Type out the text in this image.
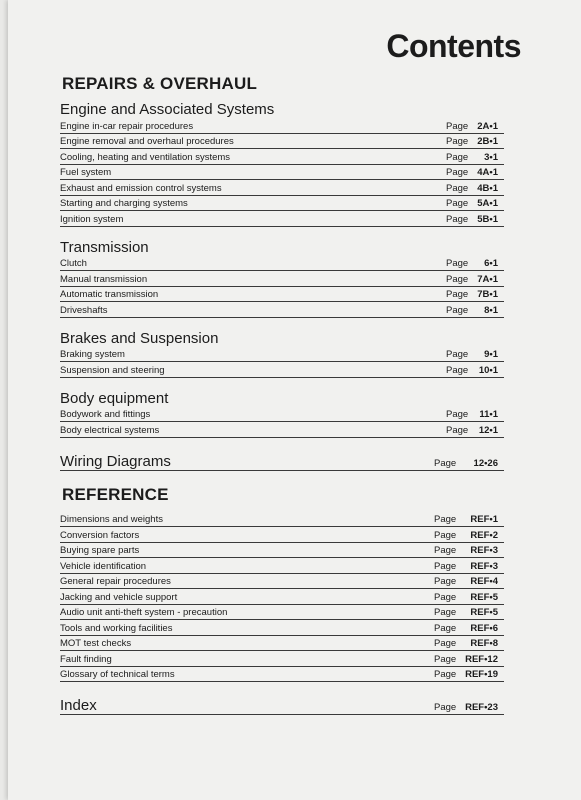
Contents
REPAIRS & OVERHAUL
Engine and Associated Systems
Engine in-car repair procedures	Page 2A•1
Engine removal and overhaul procedures	Page 2B•1
Cooling, heating and ventilation systems	Page 3•1
Fuel system	Page 4A•1
Exhaust and emission control systems	Page 4B•1
Starting and charging systems	Page 5A•1
Ignition system	Page 5B•1
Transmission
Clutch	Page 6•1
Manual transmission	Page 7A•1
Automatic transmission	Page 7B•1
Driveshafts	Page 8•1
Brakes and Suspension
Braking system	Page 9•1
Suspension and steering	Page 10•1
Body equipment
Bodywork and fittings	Page 11•1
Body electrical systems	Page 12•1
Wiring Diagrams	Page 12•26
REFERENCE
Dimensions and weights	Page REF•1
Conversion factors	Page REF•2
Buying spare parts	Page REF•3
Vehicle identification	Page REF•3
General repair procedures	Page REF•4
Jacking and vehicle support	Page REF•5
Audio unit anti-theft system - precaution	Page REF•5
Tools and working facilities	Page REF•6
MOT test checks	Page REF•8
Fault finding	Page REF•12
Glossary of technical terms	Page REF•19
Index	Page REF•23
